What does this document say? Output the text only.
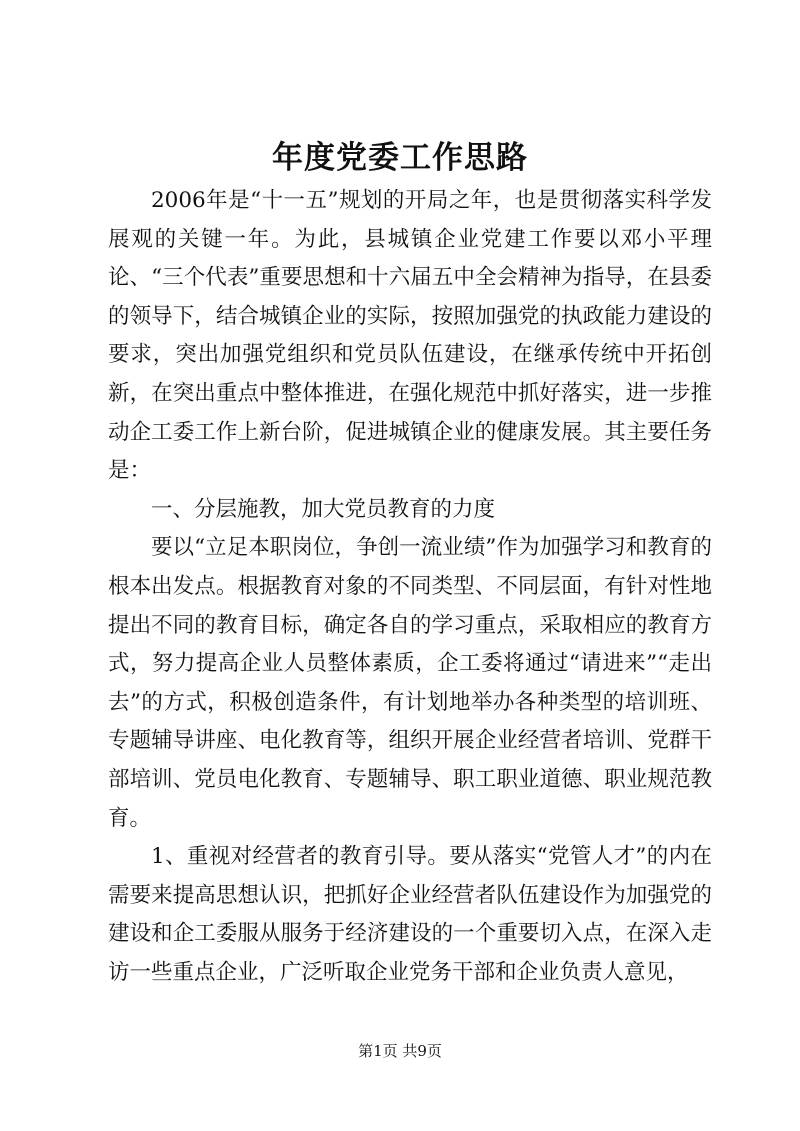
年度党委工作思路

2006年是“十一五”规划的开局之年，也是贯彻落实科学发展观的关键一年。为此，县城镇企业党建工作要以邓小平理论、“三个代表”重要思想和十六届五中全会精神为指导，在县委的领导下，结合城镇企业的实际，按照加强党的执政能力建设的要求，突出加强党组织和党员队伍建设，在继承传统中开拓创新，在突出重点中整体推进，在强化规范中抓好落实，进一步推动企工委工作上新台阶，促进城镇企业的健康发展。其主要任务是：

一、分层施教，加大党员教育的力度

要以“立足本职岗位，争创一流业绩”作为加强学习和教育的根本出发点。根据教育对象的不同类型、不同层面，有针对性地提出不同的教育目标，确定各自的学习重点，采取相应的教育方式，努力提高企业人员整体素质，企工委将通过“请进来”“走出去”的方式，积极创造条件，有计划地举办各种类型的培训班、专题辅导讲座、电化教育等，组织开展企业经营者培训、党群干部培训、党员电化教育、专题辅导、职工职业道德、职业规范教育。

1、重视对经营者的教育引导。要从落实“党管人才”的内在需要来提高思想认识，把抓好企业经营者队伍建设作为加强党的建设和企工委服从服务于经济建设的一个重要切入点，在深入走访一些重点企业，广泛听取企业党务干部和企业负责人意见，

第1页 共9页
